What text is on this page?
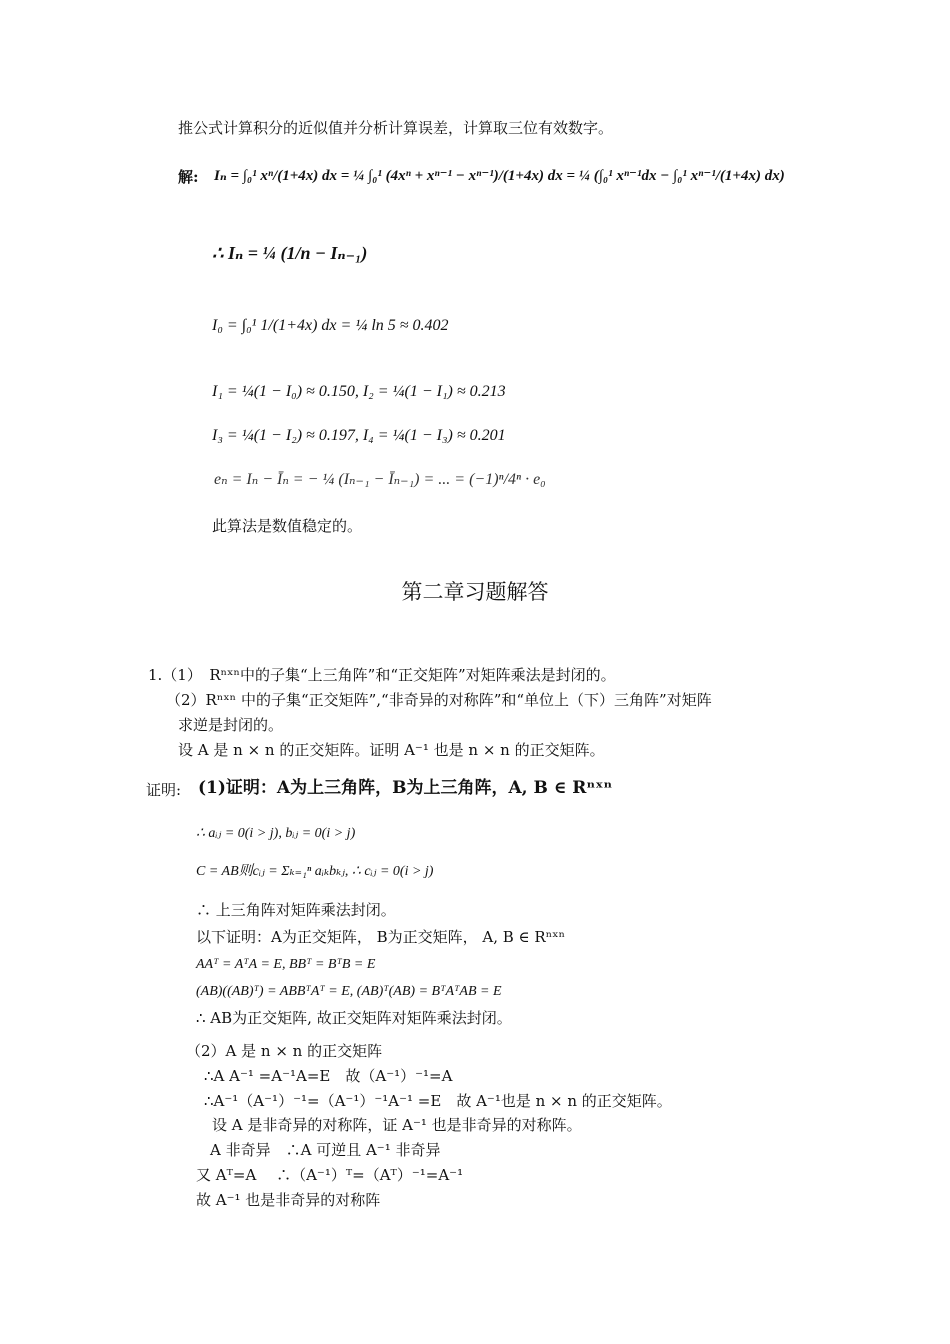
推公式计算积分的近似值并分析计算误差，计算取三位有效数字。
解: Iₙ = ∫₀¹ xⁿ/(1+4x) dx = ¼ ∫₀¹ (4xⁿ + xⁿ⁻¹ − xⁿ⁻¹)/(1+4x) dx = ¼ (∫₀¹ xⁿ⁻¹dx − ∫₀¹ xⁿ⁻¹/(1+4x) dx)
∴ Iₙ = ¼ (1/n − Iₙ₋₁)
I₀ = ∫₀¹ 1/(1+4x) dx = ¼ ln 5 ≈ 0.402
I₁ = ¼(1 − I₀) ≈ 0.150, I₂ = ¼(1 − I₁) ≈ 0.213
I₃ = ¼(1 − I₂) ≈ 0.197, I₄ = ¼(1 − I₃) ≈ 0.201
eₙ = Iₙ − Īₙ = − ¼ (Iₙ₋₁ − Īₙ₋₁) = ... = (−1)ⁿ/4ⁿ · e₀
此算法是数值稳定的。
第二章习题解答
1.（1）　Rⁿˣⁿ中的子集“上三角阵”和“正交矩阵”对矩阵乘法是封闭的。
（2）Rⁿˣⁿ 中的子集“正交矩阵”,“非奇异的对称阵”和“单位上（下）三角阵”对矩阵
求逆是封闭的。
设 A 是 n × n 的正交矩阵。证明 A⁻¹ 也是 n × n 的正交矩阵。
证明: (1)证明：A为上三角阵，B为上三角阵，A, B ∈ Rⁿˣⁿ
∴ aᵢⱼ = 0(i > j), bᵢⱼ = 0(i > j)
C = AB则cᵢⱼ = Σₖ₌₁ⁿ aᵢₖbₖⱼ, ∴ cᵢⱼ = 0(i > j)
∴ 上三角阵对矩阵乘法封闭。
以下证明：A为正交矩阵， B为正交矩阵， A, B ∈ Rⁿˣⁿ
AAᵀ = AᵀA = E, BBᵀ = BᵀB = E
(AB)((AB)ᵀ) = ABBᵀAᵀ = E, (AB)ᵀ(AB) = BᵀAᵀAB = E
∴ AB为正交矩阵, 故正交矩阵对矩阵乘法封闭。
（2）A 是 n × n 的正交矩阵
∴A A⁻¹ =A⁻¹A=E　故（A⁻¹）⁻¹=A
∴A⁻¹（A⁻¹）⁻¹=（A⁻¹）⁻¹A⁻¹ =E　故 A⁻¹也是 n × n 的正交矩阵。
设 A 是非奇异的对称阵，证 A⁻¹ 也是非奇异的对称阵。
A 非奇异　∴A 可逆且 A⁻¹ 非奇异
又 Aᵀ=A　 ∴（A⁻¹）ᵀ=（Aᵀ）⁻¹=A⁻¹
故 A⁻¹ 也是非奇异的对称阵
